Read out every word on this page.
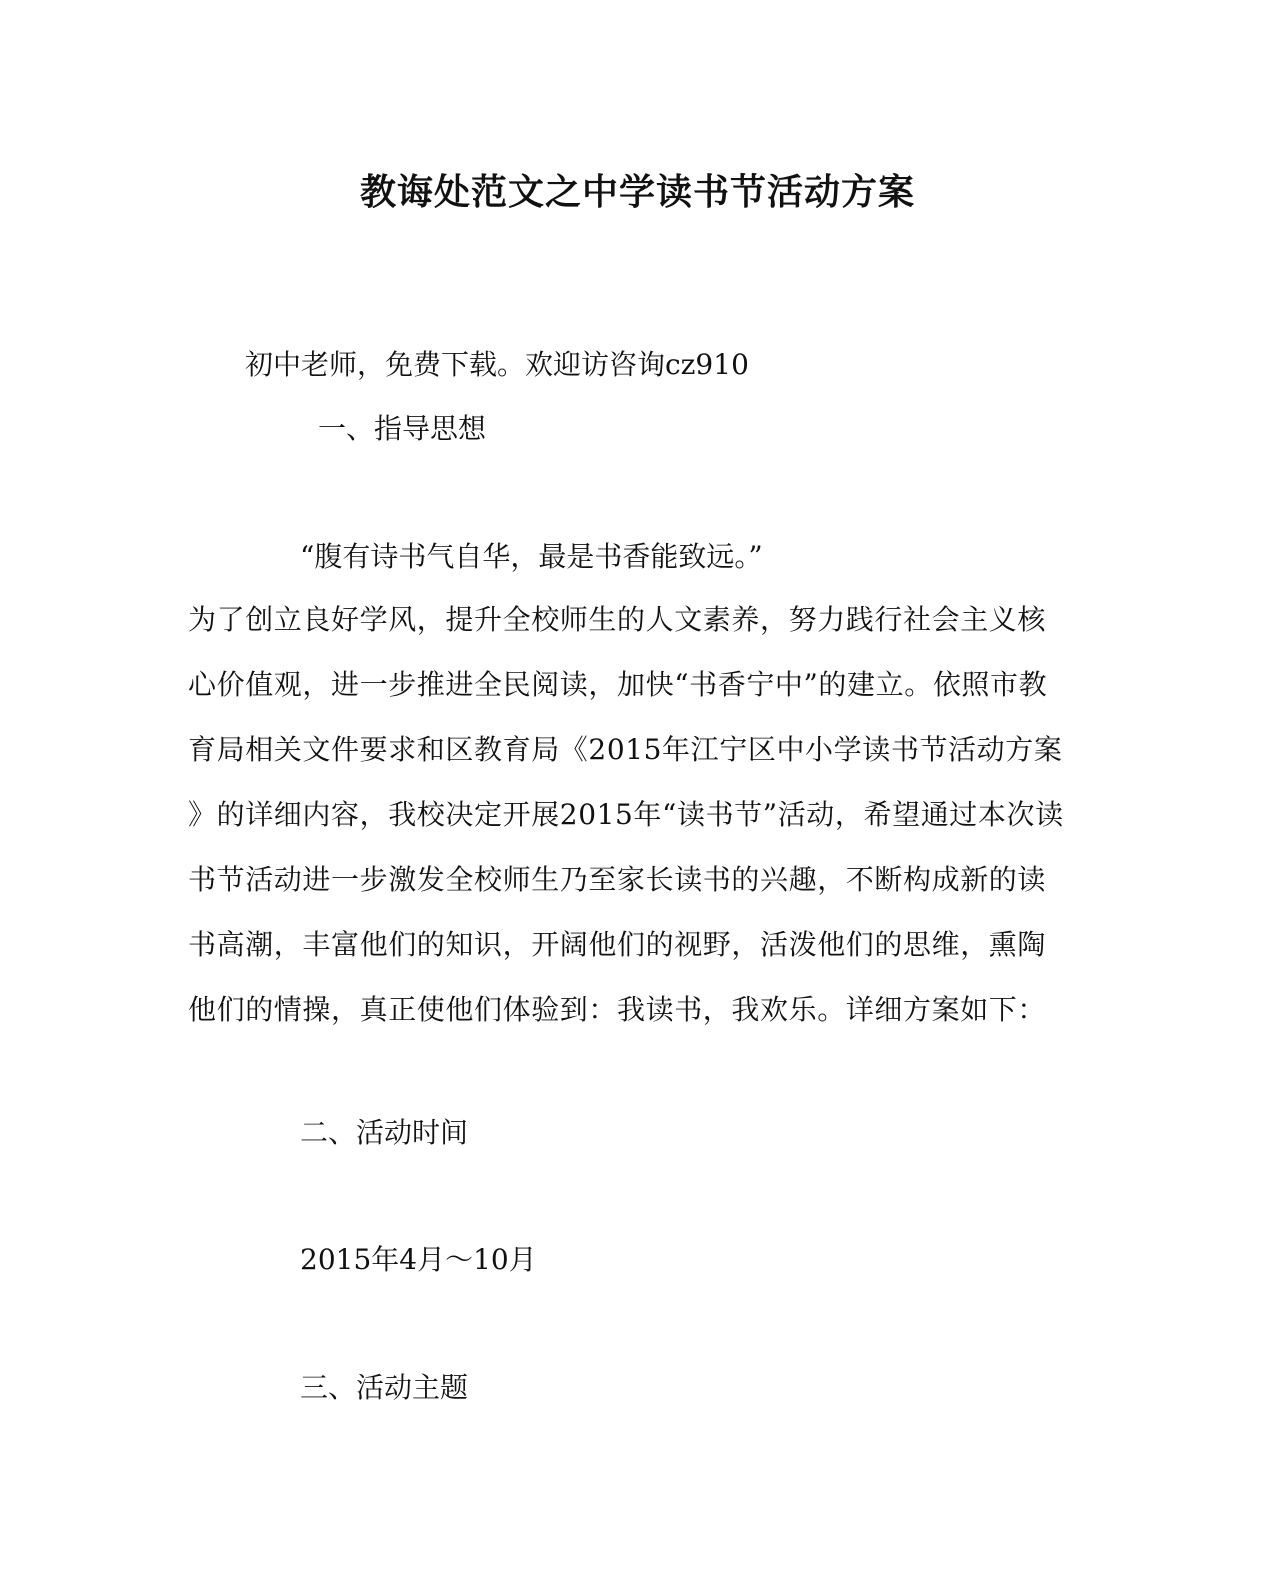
教诲处范文之中学读书节活动方案
初中老师，免费下载。欢迎访咨询cz910
一、指导思想
“腹有诗书气自华，最是书香能致远。”
为了创立良好学风，提升全校师生的人文素养，努力践行社会主义核
心价值观，进一步推进全民阅读，加快“书香宁中”的建立。依照市教
育局相关文件要求和区教育局《2015年江宁区中小学读书节活动方案
》的详细内容，我校决定开展2015年“读书节”活动，希望通过本次读
书节活动进一步激发全校师生乃至家长读书的兴趣，不断构成新的读
书高潮，丰富他们的知识，开阔他们的视野，活泼他们的思维，熏陶
他们的情操，真正使他们体验到：我读书，我欢乐。详细方案如下：
二、活动时间
2015年4月～10月
三、活动主题
